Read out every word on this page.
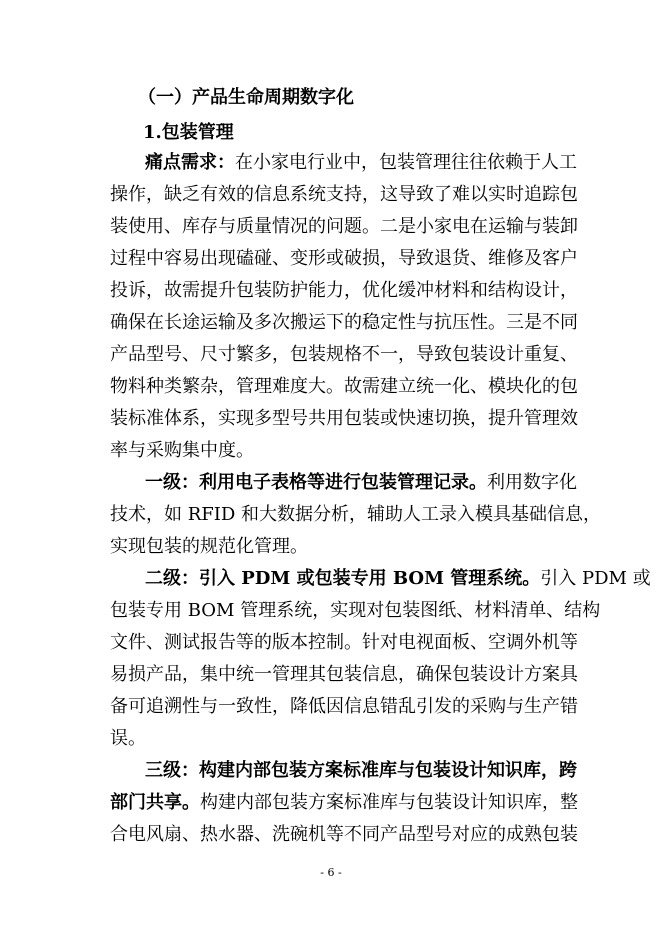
（一）产品生命周期数字化
1.包装管理
痛点需求：在小家电行业中，包装管理往往依赖于人工
操作，缺乏有效的信息系统支持，这导致了难以实时追踪包
装使用、库存与质量情况的问题。二是小家电在运输与装卸
过程中容易出现磕碰、变形或破损，导致退货、维修及客户
投诉，故需提升包装防护能力，优化缓冲材料和结构设计，
确保在长途运输及多次搬运下的稳定性与抗压性。三是不同
产品型号、尺寸繁多，包装规格不一，导致包装设计重复、
物料种类繁杂，管理难度大。故需建立统一化、模块化的包
装标准体系，实现多型号共用包装或快速切换，提升管理效
率与采购集中度。
一级：利用电子表格等进行包装管理记录。利用数字化
技术，如 RFID 和大数据分析，辅助人工录入模具基础信息，
实现包装的规范化管理。
二级：引入 PDM 或包装专用 BOM 管理系统。引入 PDM 或
包装专用 BOM 管理系统，实现对包装图纸、材料清单、结构
文件、测试报告等的版本控制。针对电视面板、空调外机等
易损产品，集中统一管理其包装信息，确保包装设计方案具
备可追溯性与一致性，降低因信息错乱引发的采购与生产错
误。
三级：构建内部包装方案标准库与包装设计知识库，跨
部门共享。构建内部包装方案标准库与包装设计知识库，整
合电风扇、热水器、洗碗机等不同产品型号对应的成熟包装
- 6 -
